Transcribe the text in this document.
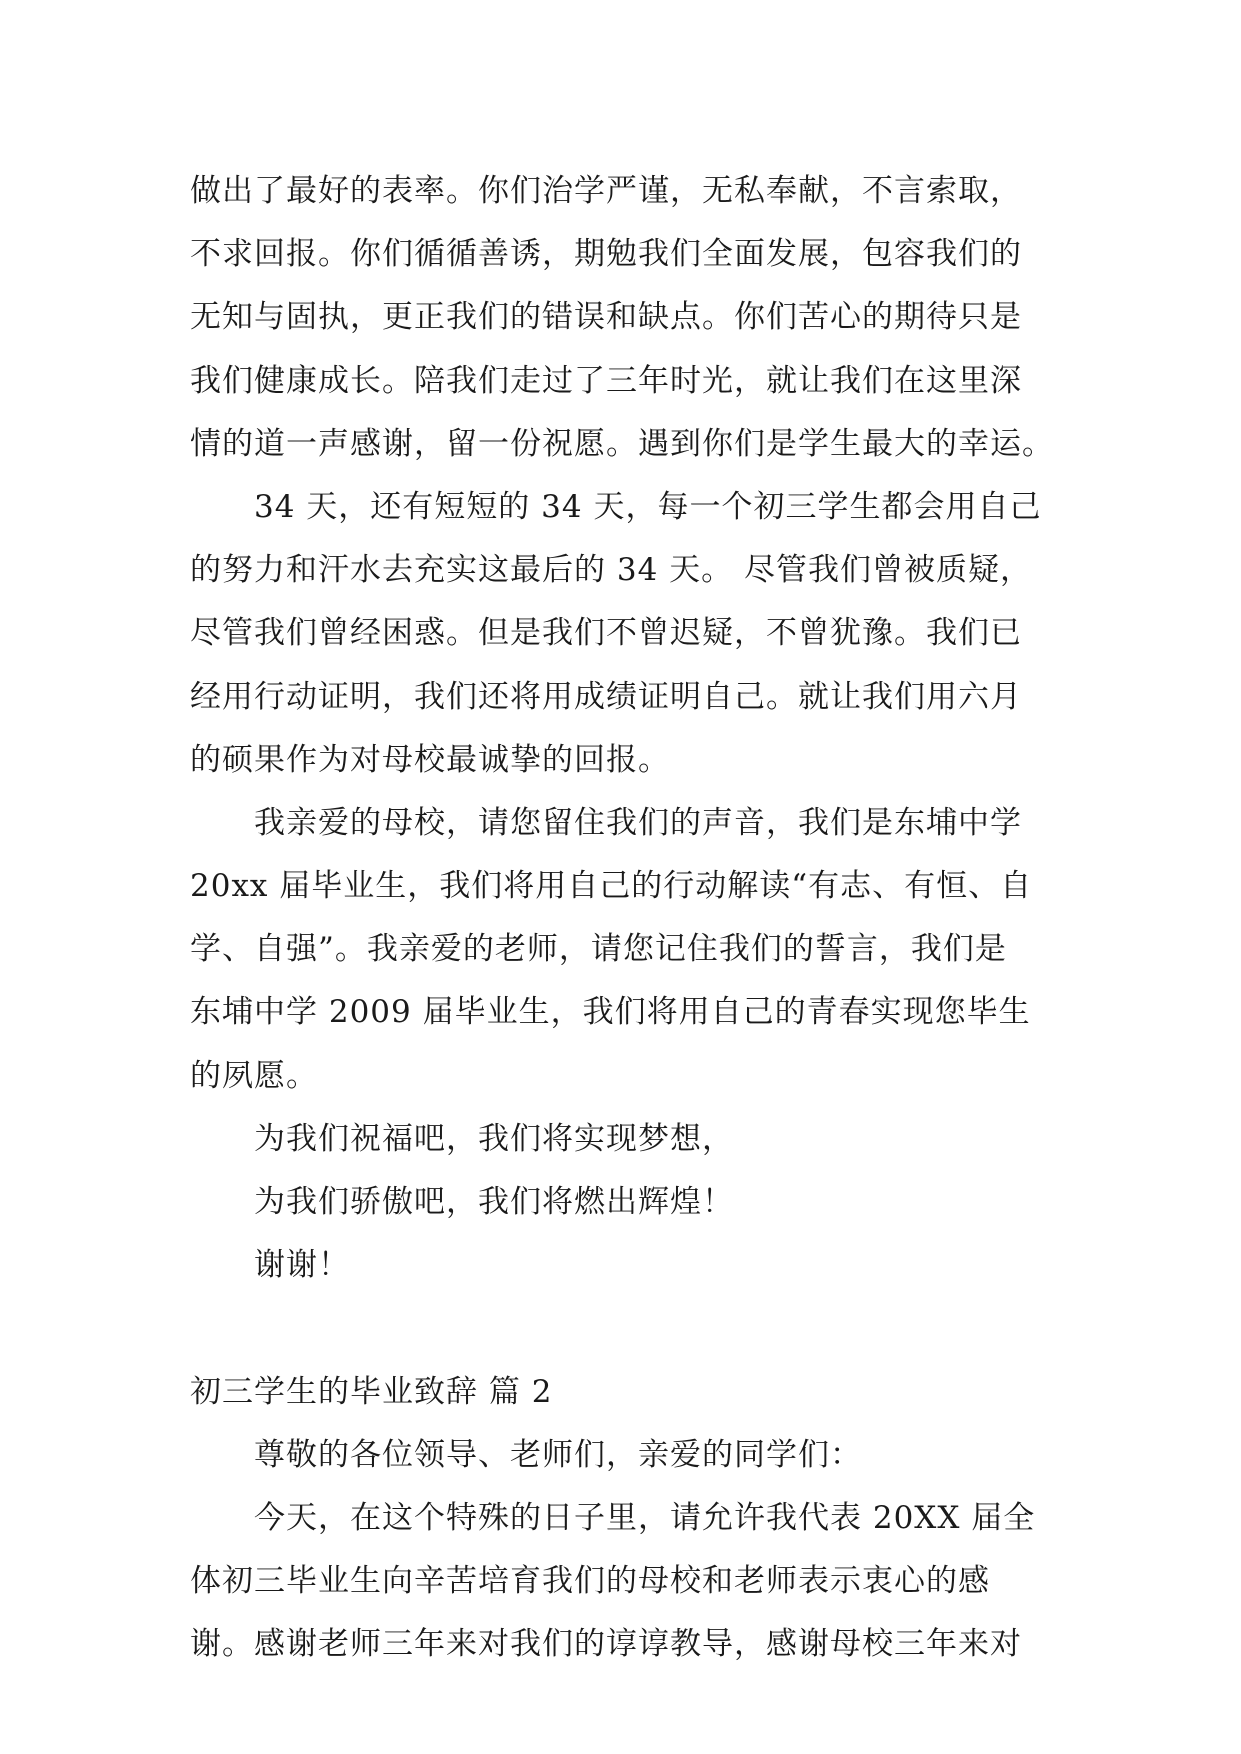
做出了最好的表率。你们治学严谨，无私奉献，不言索取，
不求回报。你们循循善诱，期勉我们全面发展，包容我们的
无知与固执，更正我们的错误和缺点。你们苦心的期待只是
我们健康成长。陪我们走过了三年时光，就让我们在这里深
情的道一声感谢，留一份祝愿。遇到你们是学生最大的幸运。
34 天，还有短短的 34 天，每一个初三学生都会用自己
的努力和汗水去充实这最后的 34 天。 尽管我们曾被质疑，
尽管我们曾经困惑。但是我们不曾迟疑，不曾犹豫。我们已
经用行动证明，我们还将用成绩证明自己。就让我们用六月
的硕果作为对母校最诚挚的回报。
我亲爱的母校，请您留住我们的声音，我们是东埔中学
20xx 届毕业生，我们将用自己的行动解读“有志、有恒、自
学、自强”。我亲爱的老师，请您记住我们的誓言，我们是
东埔中学 2009 届毕业生，我们将用自己的青春实现您毕生
的夙愿。
为我们祝福吧，我们将实现梦想，
为我们骄傲吧，我们将燃出辉煌！
谢谢！
初三学生的毕业致辞 篇 2
尊敬的各位领导、老师们，亲爱的同学们：
今天，在这个特殊的日子里，请允许我代表 20XX 届全
体初三毕业生向辛苦培育我们的母校和老师表示衷心的感
谢。感谢老师三年来对我们的谆谆教导，感谢母校三年来对
